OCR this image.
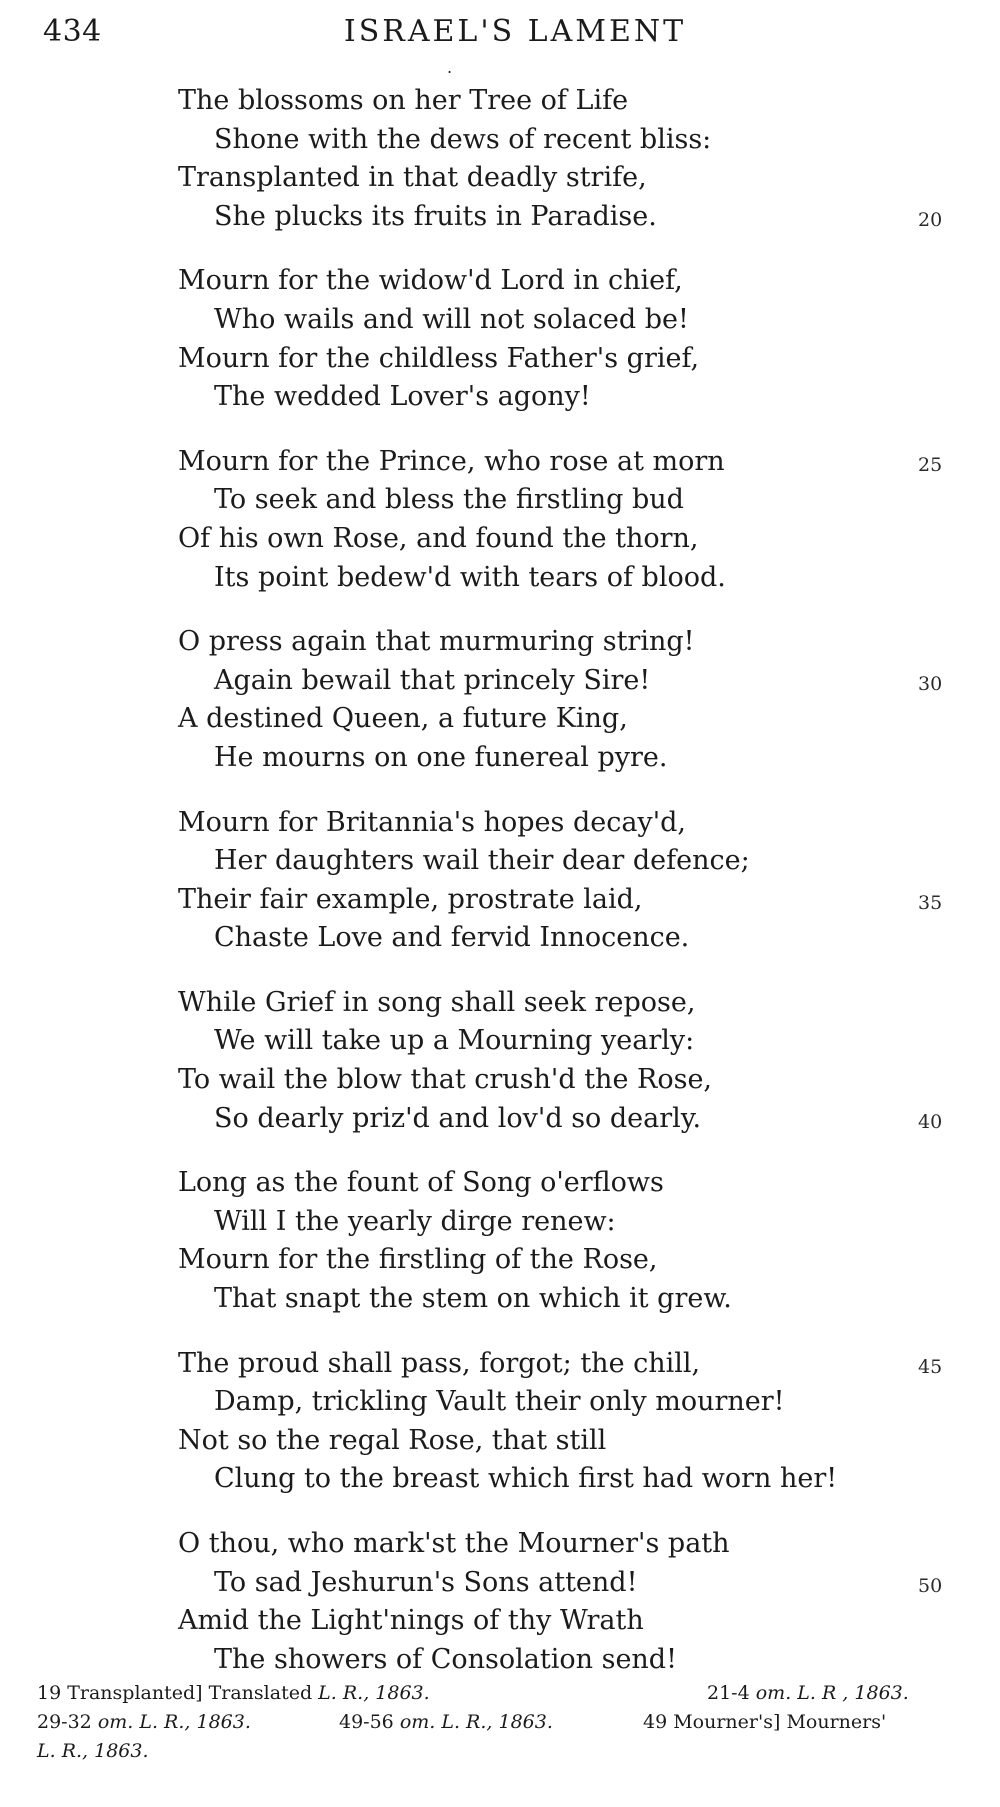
434	ISRAEL'S LAMENT
.
The blossoms on her Tree of Life
Shone with the dews of recent bliss:
Transplanted in that deadly strife,
She plucks its fruits in Paradise.	20
Mourn for the widow'd Lord in chief,
Who wails and will not solaced be!
Mourn for the childless Father's grief,
The wedded Lover's agony!
Mourn for the Prince, who rose at morn	25
To seek and bless the firstling bud
Of his own Rose, and found the thorn,
Its point bedew'd with tears of blood.
O press again that murmuring string!
Again bewail that princely Sire!	30
A destined Queen, a future King,
He mourns on one funereal pyre.
Mourn for Britannia's hopes decay'd,
Her daughters wail their dear defence;
Their fair example, prostrate laid,	35
Chaste Love and fervid Innocence.
While Grief in song shall seek repose,
We will take up a Mourning yearly:
To wail the blow that crush'd the Rose,
So dearly priz'd and lov'd so dearly.	40
Long as the fount of Song o'erflows
Will I the yearly dirge renew:
Mourn for the firstling of the Rose,
That snapt the stem on which it grew.
The proud shall pass, forgot; the chill,	45
Damp, trickling Vault their only mourner!
Not so the regal Rose, that still
Clung to the breast which first had worn her!
O thou, who mark'st the Mourner's path
To sad Jeshurun's Sons attend!	50
Amid the Light'nings of thy Wrath
The showers of Consolation send!
19 Transplanted] Translated L. R., 1863.	21-4 om. L. R , 1863.
29-32 om. L. R., 1863.	49-56 om. L. R., 1863.	49 Mourner's] Mourners'
L. R., 1863.
